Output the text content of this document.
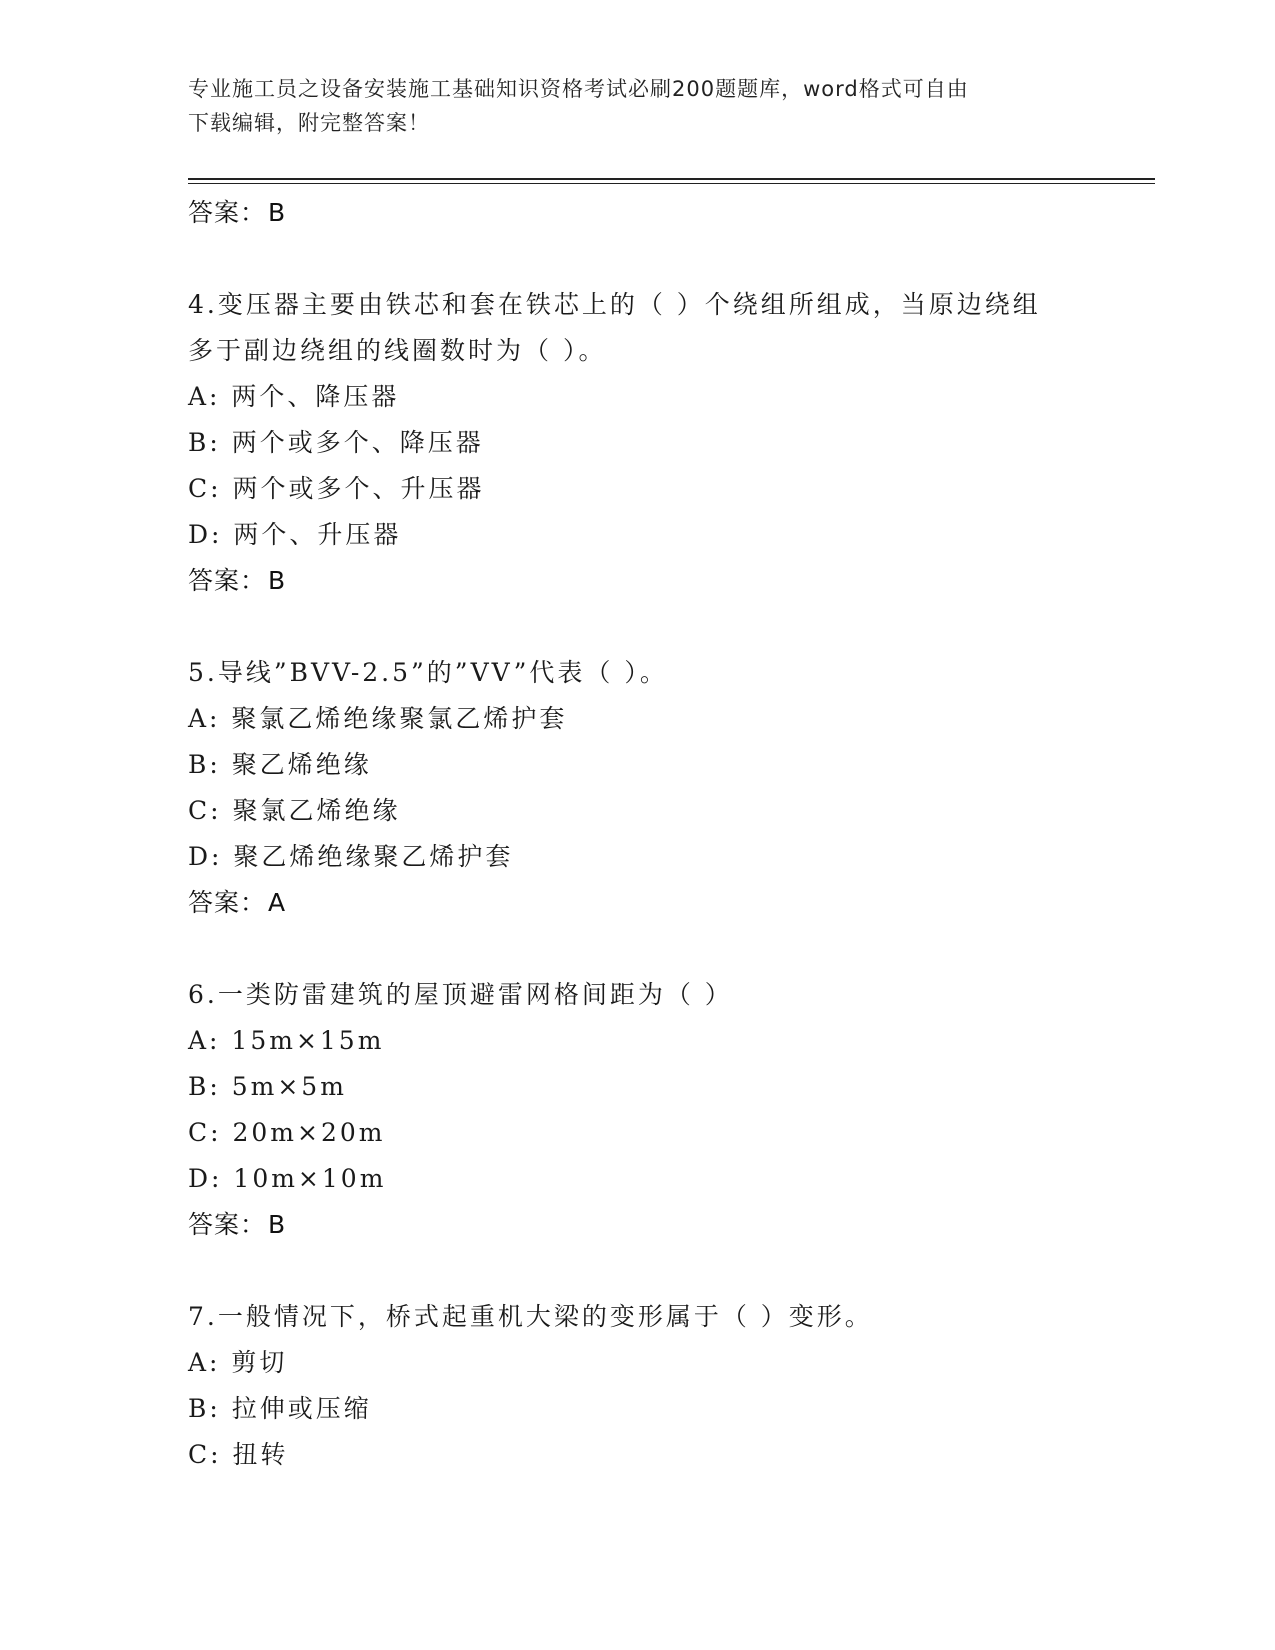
专业施工员之设备安装施工基础知识资格考试必刷200题题库，word格式可自由
下载编辑，附完整答案！
答案：B
4.变压器主要由铁芯和套在铁芯上的（ ）个绕组所组成，当原边绕组
多于副边绕组的线圈数时为（ ）。
A: 两个、降压器
B: 两个或多个、降压器
C: 两个或多个、升压器
D: 两个、升压器
答案：B
5.导线”BVV-2.5”的”VV”代表（ ）。
A: 聚氯乙烯绝缘聚氯乙烯护套
B: 聚乙烯绝缘
C: 聚氯乙烯绝缘
D: 聚乙烯绝缘聚乙烯护套
答案：A
6.一类防雷建筑的屋顶避雷网格间距为（ ）
A: 15m×15m
B: 5m×5m
C: 20m×20m
D: 10m×10m
答案：B
7.一般情况下，桥式起重机大梁的变形属于（ ）变形。
A: 剪切
B: 拉伸或压缩
C: 扭转
